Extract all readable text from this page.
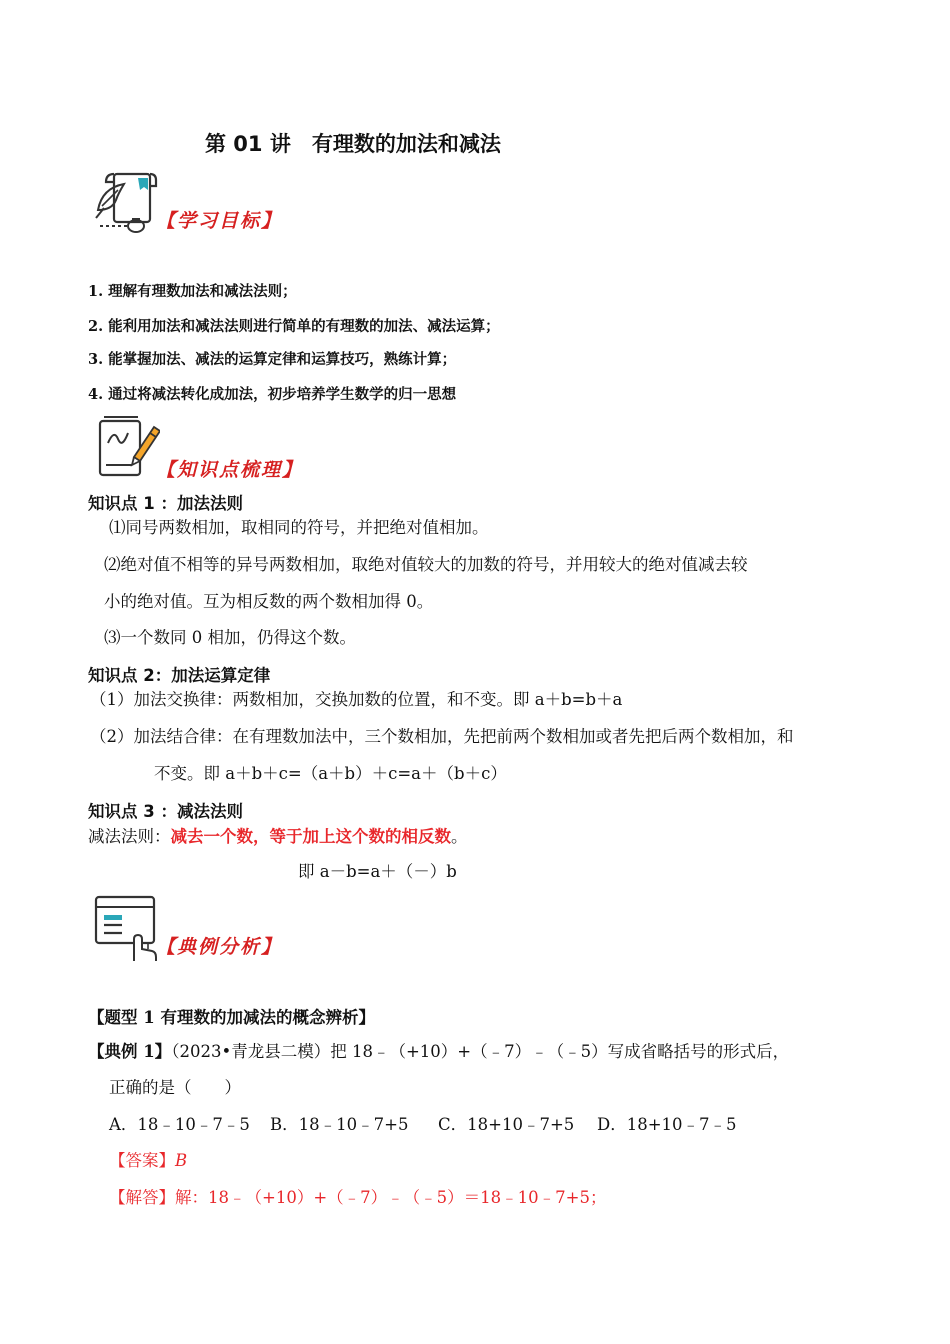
第 01 讲　有理数的加法和减法
【学习目标】
1. 理解有理数加法和减法法则；
2. 能利用加法和减法法则进行简单的有理数的加法、减法运算；
3. 能掌握加法、减法的运算定律和运算技巧，熟练计算；
4. 通过将减法转化成加法，初步培养学生数学的归一思想
【知识点梳理】
知识点 1 ：加法法则
⑴同号两数相加，取相同的符号，并把绝对值相加。
⑵绝对值不相等的异号两数相加，取绝对值较大的加数的符号，并用较大的绝对值减去较
小的绝对值。互为相反数的两个数相加得 0。
⑶一个数同 0 相加，仍得这个数。
知识点 2：加法运算定律
（1）加法交换律：两数相加，交换加数的位置，和不变。即 a＋b=b＋a
（2）加法结合律：在有理数加法中，三个数相加，先把前两个数相加或者先把后两个数相加，和
不变。即 a＋b＋c=（a＋b）＋c=a＋（b＋c）
知识点 3 ：减法法则
减法法则：减去一个数，等于加上这个数的相反数。
即 a－b=a＋（－）b
【典例分析】
【题型 1 有理数的加减法的概念辨析】
【典例 1】（2023•青龙县二模）把 18﹣（+10）+（﹣7）﹣（﹣5）写成省略括号的形式后，
正确的是（　　）
A．18﹣10﹣7﹣5 B．18﹣10﹣7+5 C．18+10﹣7+5 D．18+10﹣7﹣5
【答案】B
【解答】解：18﹣（+10）+（﹣7）﹣（﹣5）＝18﹣10﹣7+5；
